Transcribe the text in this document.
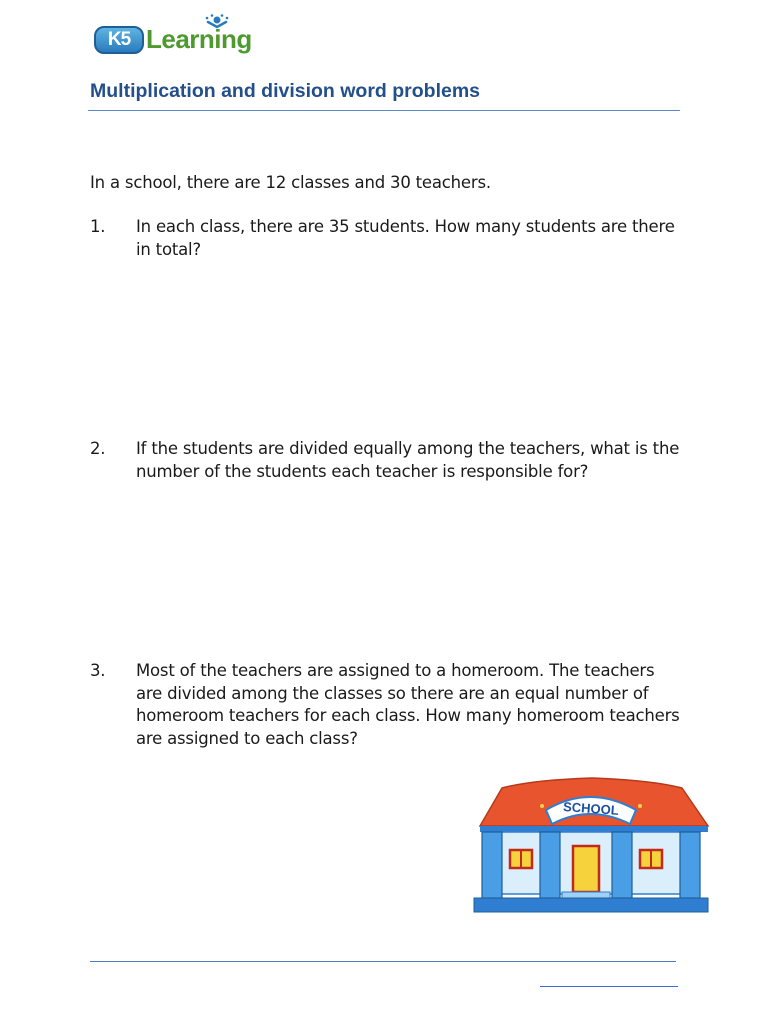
K5 Learning
Multiplication and division word problems

In a school, there are 12 classes and 30 teachers.

1. In each class, there are 35 students. How many students are there in total?
2. If the students are divided equally among the teachers, what is the number of the students each teacher is responsible for?
3. Most of the teachers are assigned to a homeroom. The teachers are divided among the classes so there are an equal number of homeroom teachers for each class. How many homeroom teachers are assigned to each class?
SCHOOL
